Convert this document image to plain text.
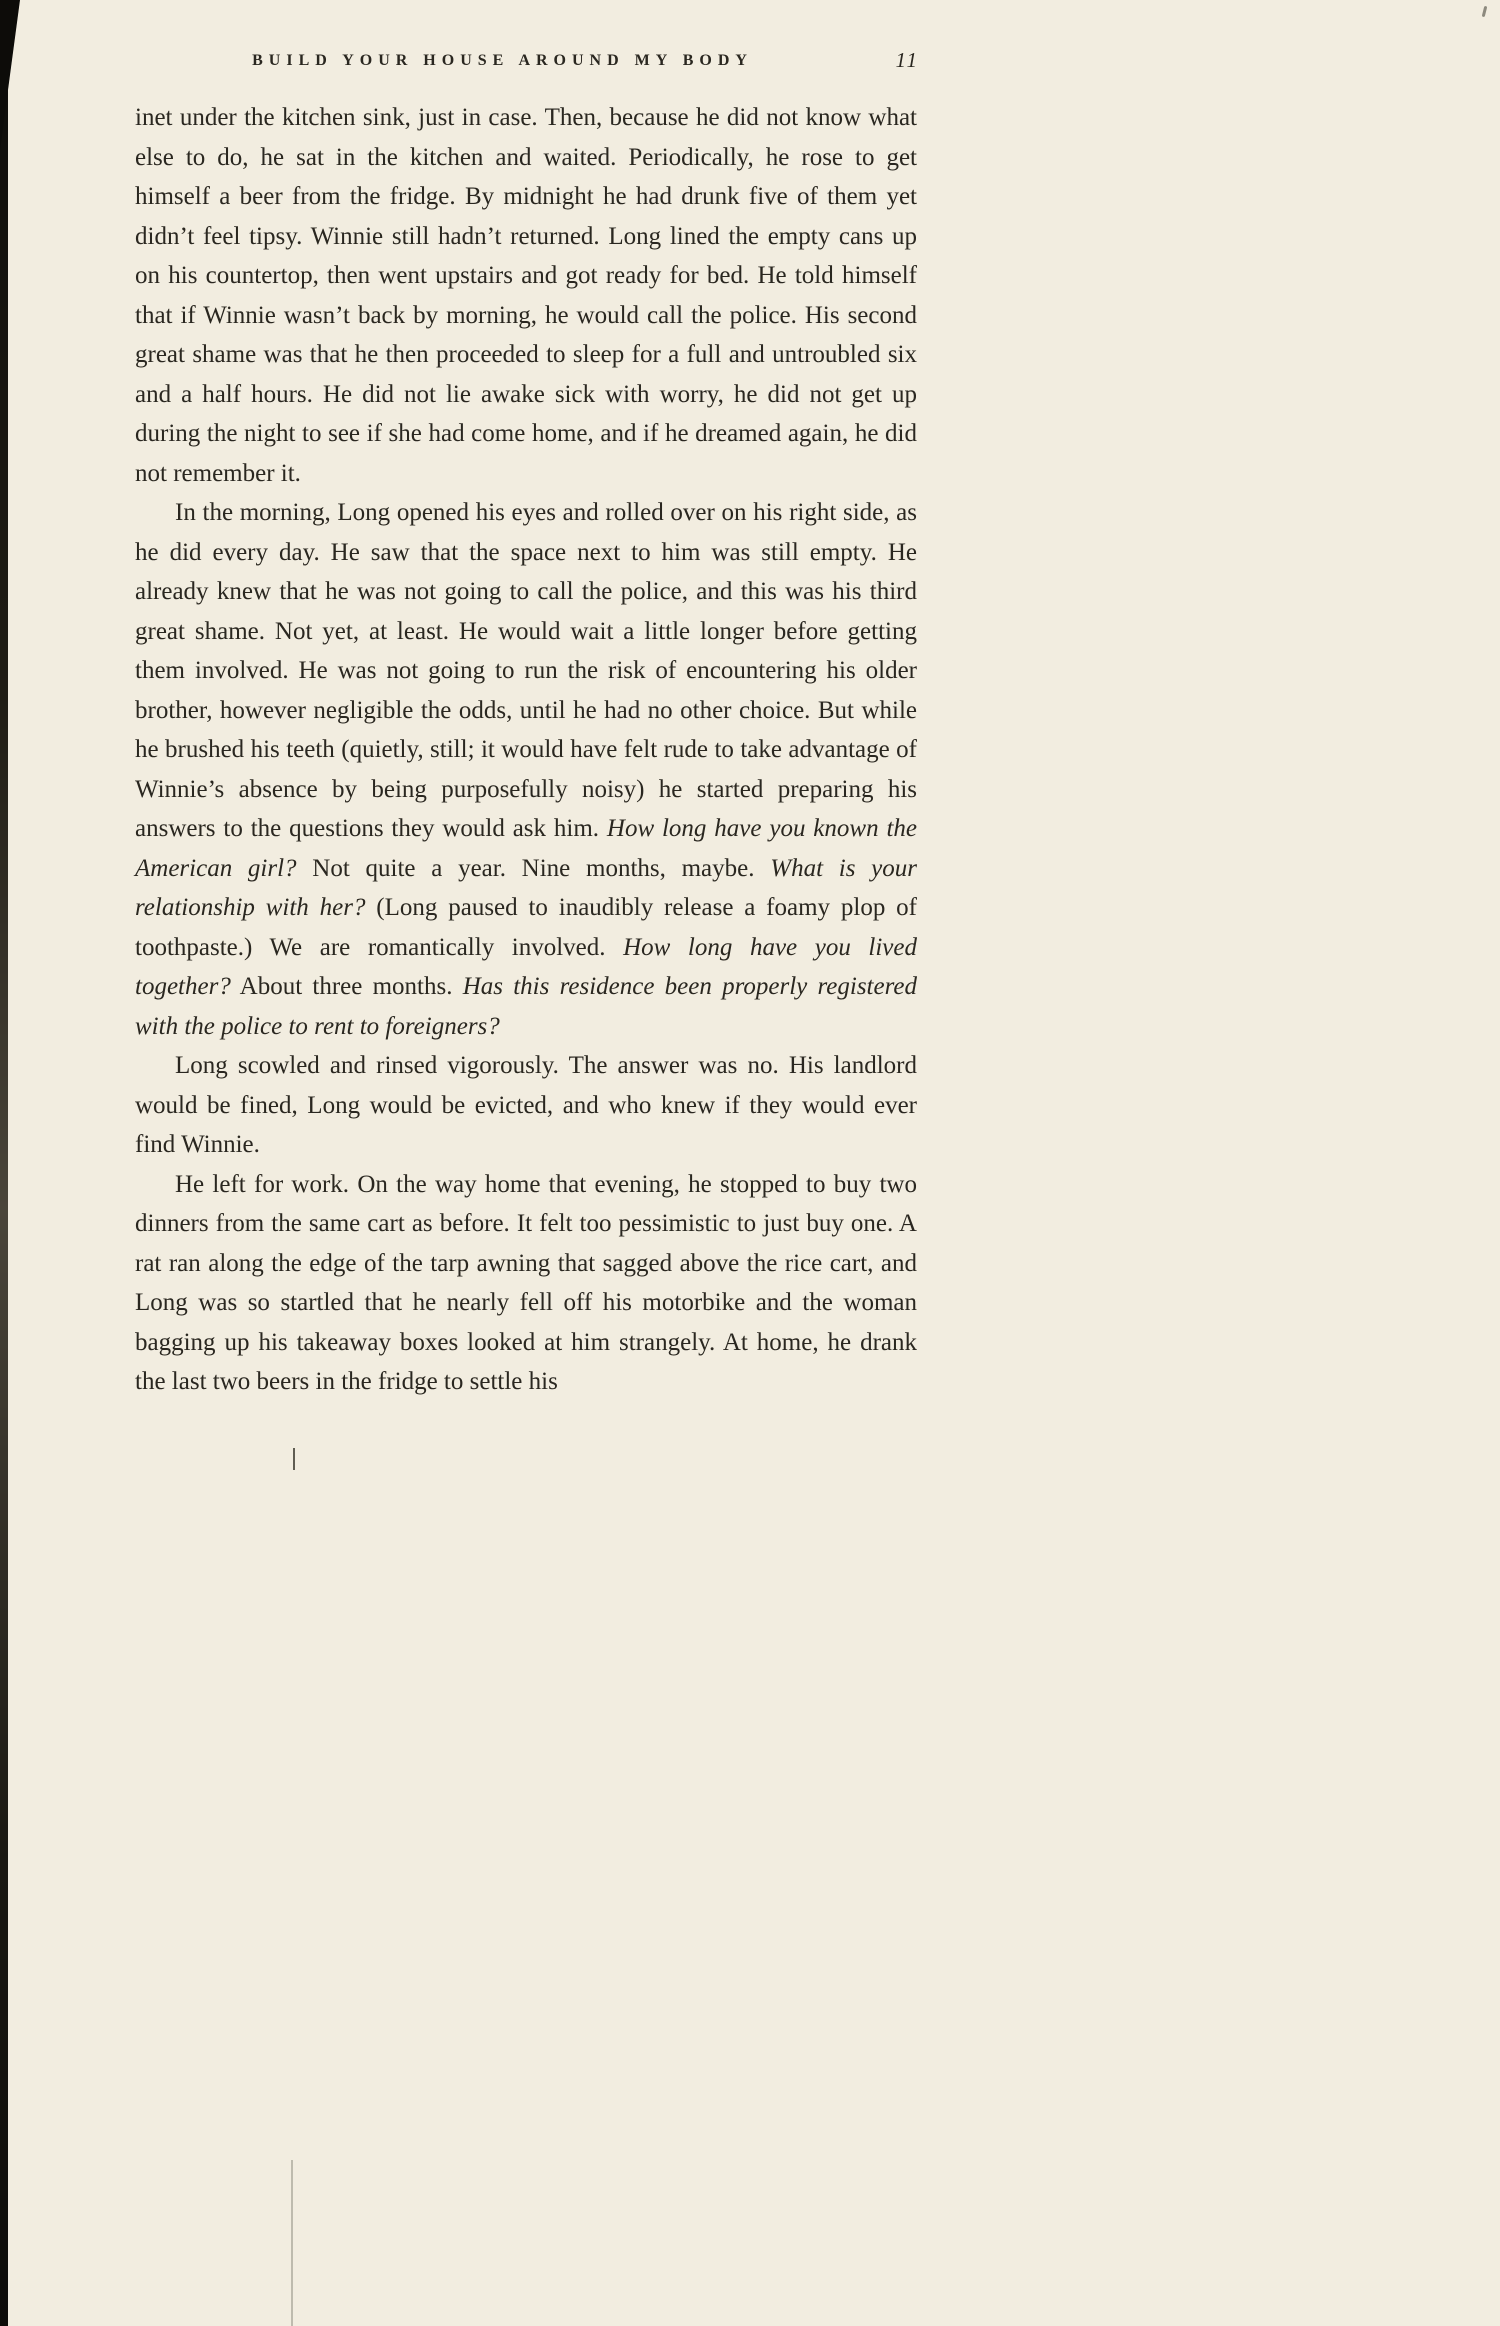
BUILD YOUR HOUSE AROUND MY BODY	11

inet under the kitchen sink, just in case. Then, because he did not know what else to do, he sat in the kitchen and waited. Periodically, he rose to get himself a beer from the fridge. By midnight he had drunk five of them yet didn’t feel tipsy. Winnie still hadn’t returned. Long lined the empty cans up on his countertop, then went upstairs and got ready for bed. He told himself that if Winnie wasn’t back by morning, he would call the police. His second great shame was that he then proceeded to sleep for a full and untroubled six and a half hours. He did not lie awake sick with worry, he did not get up during the night to see if she had come home, and if he dreamed again, he did not remember it.

In the morning, Long opened his eyes and rolled over on his right side, as he did every day. He saw that the space next to him was still empty. He already knew that he was not going to call the police, and this was his third great shame. Not yet, at least. He would wait a little longer before getting them involved. He was not going to run the risk of encountering his older brother, however negligible the odds, until he had no other choice. But while he brushed his teeth (quietly, still; it would have felt rude to take advantage of Winnie’s absence by being purposefully noisy) he started preparing his answers to the questions they would ask him. How long have you known the American girl? Not quite a year. Nine months, maybe. What is your relationship with her? (Long paused to inaudibly release a foamy plop of toothpaste.) We are romantically involved. How long have you lived together? About three months. Has this residence been properly registered with the police to rent to foreigners?

Long scowled and rinsed vigorously. The answer was no. His landlord would be fined, Long would be evicted, and who knew if they would ever find Winnie.

He left for work. On the way home that evening, he stopped to buy two dinners from the same cart as before. It felt too pessimistic to just buy one. A rat ran along the edge of the tarp awning that sagged above the rice cart, and Long was so startled that he nearly fell off his motorbike and the woman bagging up his takeaway boxes looked at him strangely. At home, he drank the last two beers in the fridge to settle his
